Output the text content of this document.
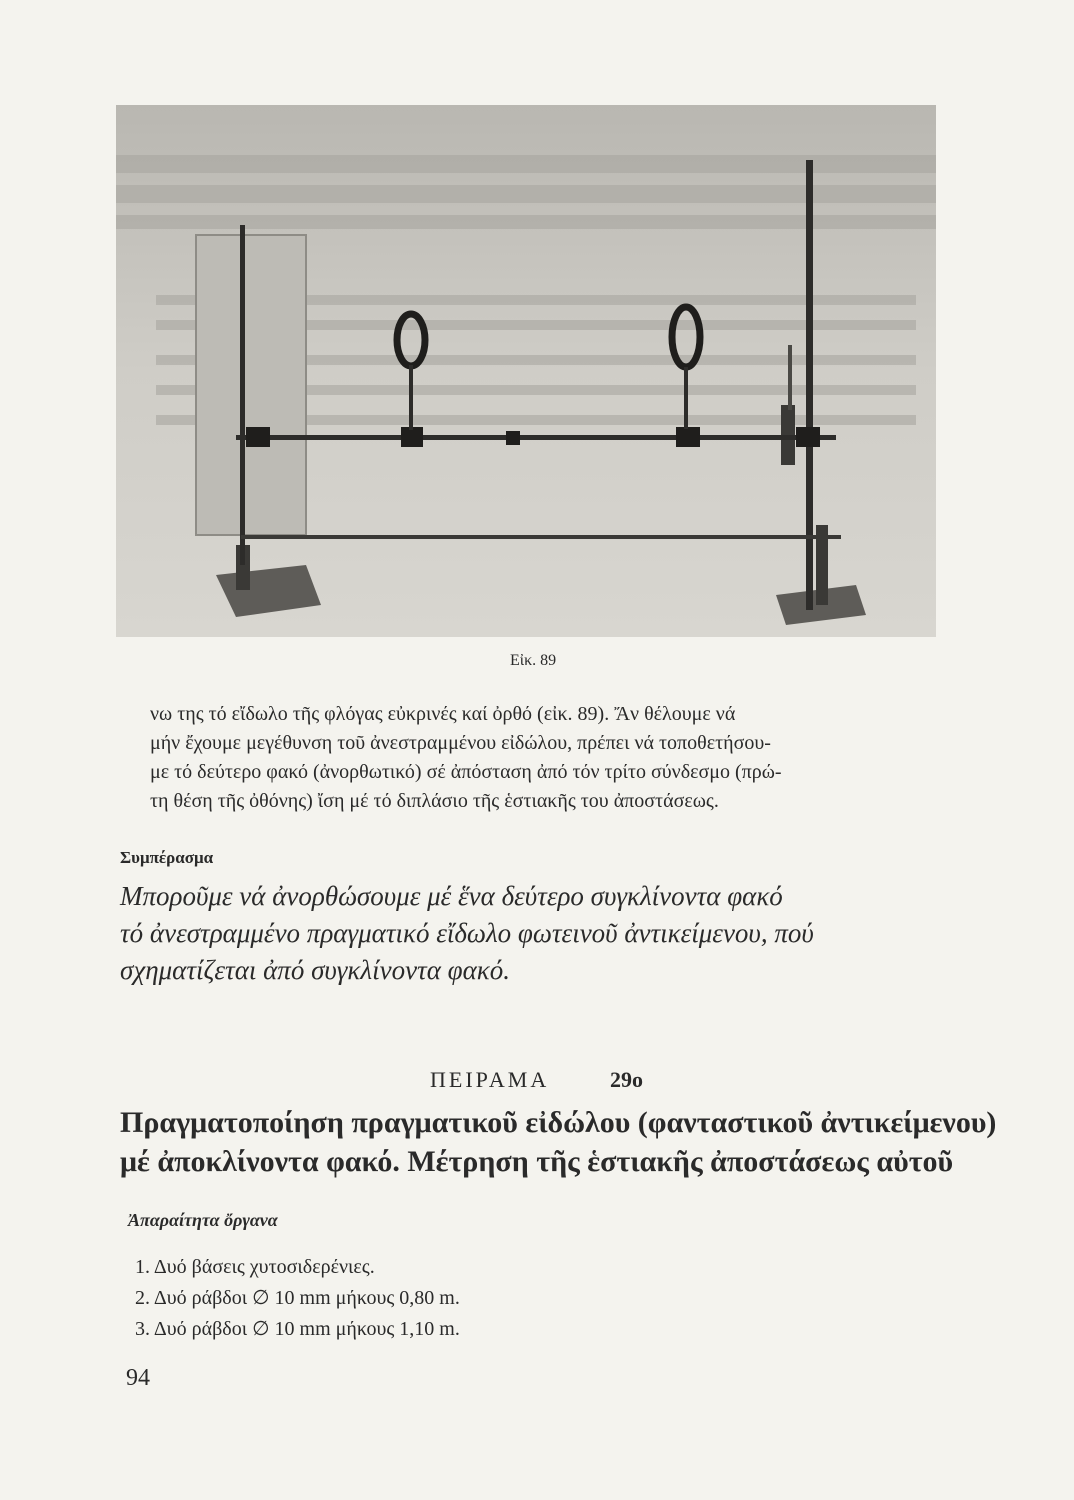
Εἰκ. 89
νω της τό εἴδωλο τῆς φλόγας εὐκρινές καί ὀρθό (εἰκ. 89). Ἄν θέλουμε νά
μήν ἔχουμε μεγέθυνση τοῦ ἀνεστραμμένου εἰδώλου, πρέπει νά τοποθετήσου-
με τό δεύτερο φακό (ἀνορθωτικό) σέ ἀπόσταση ἀπό τόν τρίτο σύνδεσμο (πρώ-
τη θέση τῆς ὀθόνης) ἴση μέ τό διπλάσιο τῆς ἑστιακῆς του ἀποστάσεως.
Συμπέρασμα
Μποροῦμε νά ἀνορθώσουμε μέ ἕνα δεύτερο συγκλίνοντα φακό
τό ἀνεστραμμένο πραγματικό εἴδωλο φωτεινοῦ ἀντικείμενου, πού
σχηματίζεται ἀπό συγκλίνοντα φακό.
ΠΕΙΡΑΜΑ	29ο
Πραγματοποίηση πραγματικοῦ εἰδώλου (φανταστικοῦ ἀντικείμενου)
μέ ἀποκλίνοντα φακό. Μέτρηση τῆς ἑστιακῆς ἀποστάσεως αὐτοῦ
Ἀπαραίτητα ὄργανα
1. Δυό βάσεις χυτοσιδερένιες.
2. Δυό ράβδοι ∅ 10 mm μήκους 0,80 m.
3. Δυό ράβδοι ∅ 10 mm μήκους 1,10 m.
94
